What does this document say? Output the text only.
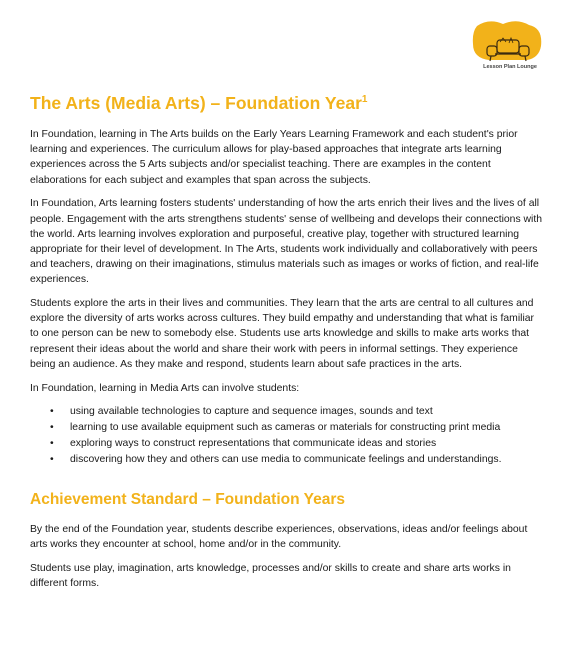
Lesson Plan Lounge
The Arts (Media Arts) – Foundation Year$^1$

In Foundation, learning in The Arts builds on the Early Years Learning Framework and each student's prior learning and experiences. The curriculum allows for play-based approaches that integrate arts learning experiences across the 5 Arts subjects and/or specialist teaching. There are examples in the content elaborations for each subject and examples that span across the subjects.

In Foundation, Arts learning fosters students' understanding of how the arts enrich their lives and the lives of all people. Engagement with the arts strengthens students' sense of wellbeing and develops their connections with the world. Arts learning involves exploration and purposeful, creative play, together with structured learning appropriate for their level of development. In The Arts, students work individually and collaboratively with peers and teachers, drawing on their imaginations, stimulus materials such as images or works of fiction, and real-life experiences.

Students explore the arts in their lives and communities. They learn that the arts are central to all cultures and explore the diversity of arts works across cultures. They build empathy and understanding that what is familiar to one person can be new to somebody else. Students use arts knowledge and skills to make arts works that represent their ideas about the world and share their work with peers in informal settings. They experience being an audience. As they make and respond, students learn about safe practices in the arts.

In Foundation, learning in Media Arts can involve students:

• using available technologies to capture and sequence images, sounds and text
• learning to use available equipment such as cameras or materials for constructing print media
• exploring ways to construct representations that communicate ideas and stories
• discovering how they and others can use media to communicate feelings and understandings.
Achievement Standard – Foundation Years

By the end of the Foundation year, students describe experiences, observations, ideas and/or feelings about arts works they encounter at school, home and/or in the community.

Students use play, imagination, arts knowledge, processes and/or skills to create and share arts works in different forms.
